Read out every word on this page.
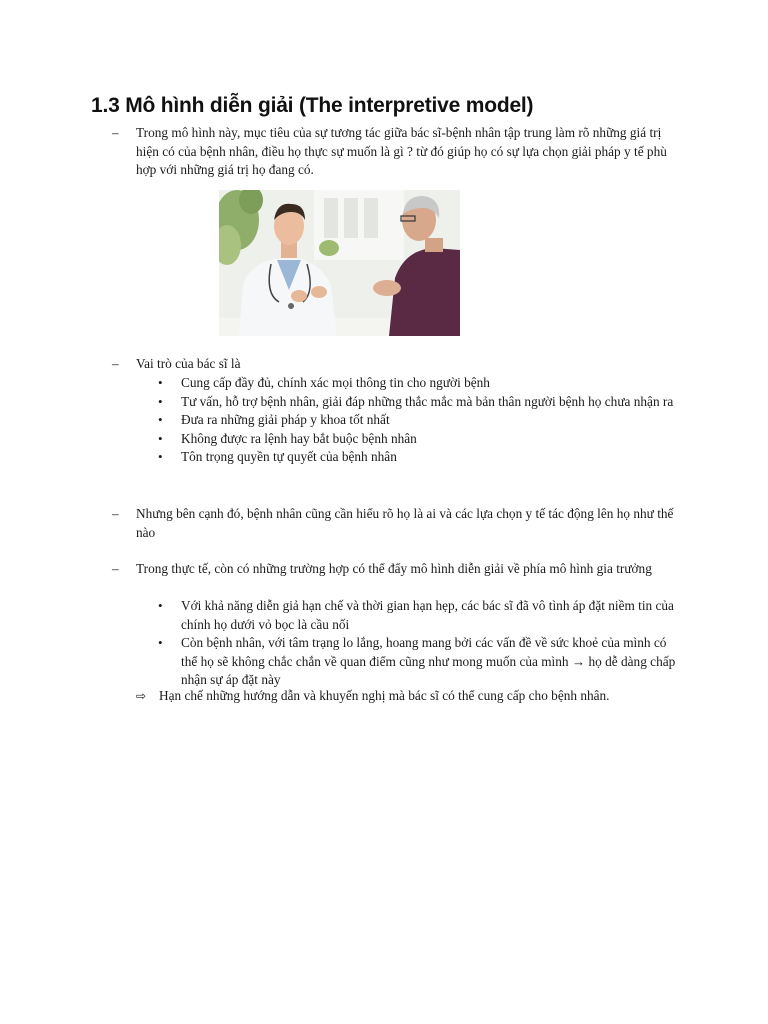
1.3 Mô hình diễn giải (The interpretive model)
– Trong mô hình này, mục tiêu của sự tương tác giữa bác sĩ-bệnh nhân tập trung làm rõ những giá trị hiện có của bệnh nhân, điều họ thực sự muốn là gì ? từ đó giúp họ có sự lựa chọn giải pháp y tế phù hợp với những giá trị họ đang có.
– Vai trò của bác sĩ là
• Cung cấp đầy đủ, chính xác mọi thông tin cho người bệnh
• Tư vấn, hỗ trợ bệnh nhân, giải đáp những thắc mắc mà bản thân người bệnh họ chưa nhận ra
• Đưa ra những giải pháp y khoa tốt nhất
• Không được ra lệnh hay bắt buộc bệnh nhân
• Tôn trọng quyền tự quyết của bệnh nhân
– Nhưng bên cạnh đó, bệnh nhân cũng cần hiểu rõ họ là ai và các lựa chọn y tế tác động lên họ như thế nào
– Trong thực tế, còn có những trường hợp có thể đẩy mô hình diễn giải về phía mô hình gia trưởng
• Với khả năng diễn giả hạn chế và thời gian hạn hẹp, các bác sĩ đã vô tình áp đặt niềm tin của chính họ dưới vỏ bọc là cầu nối
• Còn bệnh nhân, với tâm trạng lo lắng, hoang mang bởi các vấn đề về sức khoẻ của mình có thể họ sẽ không chắc chắn về quan điểm cũng như mong muốn của mình → họ dễ dàng chấp nhận sự áp đặt này
⇨ Hạn chế những hướng dẫn và khuyến nghị mà bác sĩ có thể cung cấp cho bệnh nhân.
